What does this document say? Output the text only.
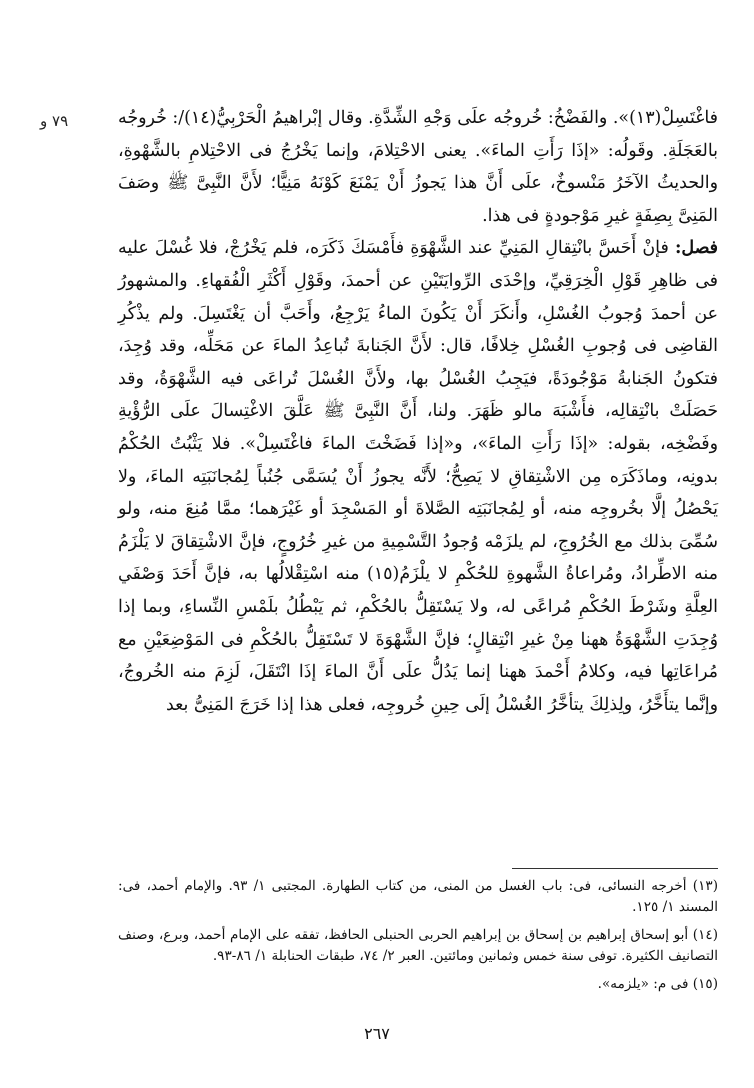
٧٩ و	فاغْتَسِلْ(١٣)». والفَضْخُ: خُروجُه علَى وَجْهِ الشِّدَّةِ. وقال إبْراهيمُ الْحَرْبِيُّ(١٤)/: خُروجُه بالعَجَلَةِ. وقَولُه: «إذَا رَأَتِ الماءَ». يعنى الاحْتِلامَ، وإنما يَخْرُجُ فى الاحْتِلامِ بالشَّهْوةِ، والحديثُ الآخَرُ مَنْسوخٌ، علَى أَنَّ هذا يَجوزُ أَنْ يَمْنَعَ كَوْنَهُ مَنِيًّا؛ لأَنَّ النَّبِىَّ ﷺ وصَفَ المَنِىَّ بِصِفَةٍ غيرِ مَوْجودةٍ فى هذا.

فصل: فإنْ أَحَسَّ بانْتِقالِ المَنِيِّ عند الشَّهْوَةِ فأَمْسَكَ ذَكَرَه، فلم يَخْرُجْ، فلا غُسْلَ عليه فى ظاهِرِ قَوْلِ الْخِرَقِيِّ، وإحْدَى الرِّوايَتَيْنِ عن أحمدَ، وقَوْلِ أَكْثَرِ الْفُقهاءِ. والمشهورُ عن أحمدَ وُجوبُ الغُسْلِ، وأَنكَرَ أَنْ يَكُونَ الماءُ يَرْجِعُ، وأَحَبَّ أن يَغْتَسِلَ. ولم يذْكُرِ القاضِى فى وُجوبِ الغُسْلِ خِلافًا، قال: لأَنَّ الجَنابةَ تُباعِدُ الماءَ عن مَحَلِّه، وقد وُجِدَ، فتكونُ الجَنابةُ مَوْجُودَةً، فيَجِبُ الغُسْلُ بها، ولأَنَّ الغُسْلَ تُراعَى فيه الشَّهْوَةُ، وقد حَصَلَتْ بانْتِقالِه، فأَشْبَهَ مالو ظَهَرَ. ولنا، أَنَّ النَّبِىَّ ﷺ عَلَّقَ الاغْتِسالَ علَى الرُّؤْيةِ وفَضْخِه، بقوله: «إذَا رَأَتِ الماءَ»، و«إذا فَضَخْتَ الماءَ فاغْتَسِلْ». فلا يَثْبُتُ الحُكْمُ بدونِه، وماذَكَرَه مِن الاشْتِقاقِ لا يَصِحُّ؛ لأَنَّه يجوزُ أَنْ يُسَمَّى جُنُباً لِمُجانَبَتِه الماءَ، ولا يَحْصُلُ إلَّا بخُروجِه منه، أو لِمُجانَبَتِه الصَّلاةَ أو المَسْجِدَ أو غَيْرَهما؛ ممَّا مُنِعَ منه، ولو سُمِّىَ بذلك مع الخُرُوجِ، لم يلزَمْه وُجودُ التَّسْمِيةِ من غيرِ خُرُوجٍ، فإنَّ الاشْتِقاقَ لا يَلْزَمُ منه الاطِّرادُ، ومُراعاةُ الشَّهوةِ للحُكْمِ لا يلْزَمُ(١٥) منه اسْتِقْلالُها به، فإنَّ أَحَدَ وَصْفَي العِلَّةِ وشَرْطَ الحُكْمِ مُراعًى له، ولا يَسْتَقِلُّ بالحُكْمِ، ثم يَبْطُلُ بلَمْسِ النِّساءِ، وبما إذا وُجِدَتِ الشَّهْوَةُ ههنا مِنْ غيرِ انْتِقالٍ؛ فإنَّ الشَّهْوَةَ لا تَسْتَقِلُّ بالحُكْمِ فى المَوْضِعَيْنِ مع مُراعَاتِها فيه، وكلامُ أَحْمدَ ههنا إنما يَدُلُّ علَى أَنَّ الماءَ إذَا انْتَقَلَ، لَزِمَ منه الخُروجُ، وإنَّما يتأَخَّرُ، ولِذلِكَ يتأخَّرُ الغُسْلُ إلَى حِينِ خُروجِه، فعلى هذا إذا خَرَجَ المَنِىُّ بعد

(١٣) أخرجه النسائى، فى: باب الغسل من المنى، من كتاب الطهارة. المجتبى ١/ ٩٣. والإمام أحمد، فى: المسند ١/ ١٢٥.

(١٤) أبو إسحاق إبراهيم بن إسحاق بن إبراهيم الحربى الحنبلى الحافظ، تفقه على الإمام أحمد، وبرع، وصنف التصانيف الكثيرة. توفى سنة خمس وثمانين ومائتين. العبر ٢/ ٧٤، طبقات الحنابلة ١/ ٨٦-٩٣.

(١٥) فى م: «يلزمه».

٢٦٧
